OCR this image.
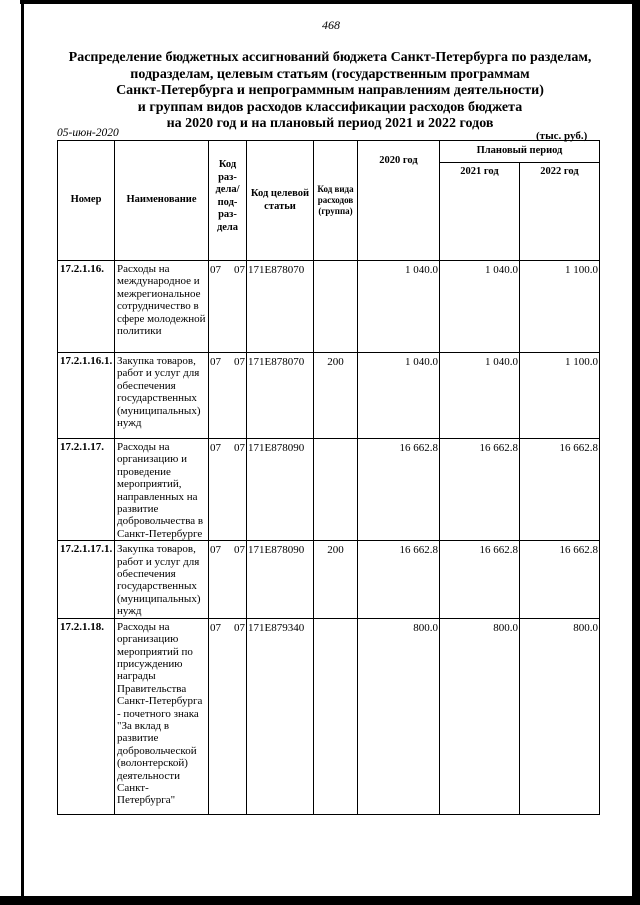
468
Распределение бюджетных ассигнований бюджета Санкт-Петербурга по разделам,
подразделам, целевым статьям (государственным программам
Санкт-Петербурга и непрограммным направлениям деятельности)
и группам видов расходов классификации расходов бюджета
на 2020 год и на плановый период 2021 и 2022 годов
05-июн-2020	(тыс. руб.)
Номер	Наименование	Код раз- дела/ под- раз- дела	Код целевой статьи	Код вида расходов (группа)	2020 год	Плановый период	
						2021 год	2022 год
17.2.1.16.	Расходы на международное и межрегиональное сотрудничество в сфере молодежной политики	07 07	171Е878070		1 040.0	1 040.0	1 100.0
17.2.1.16.1.	Закупка товаров, работ и услуг для обеспечения государственных (муниципальных) нужд	07 07	171Е878070	200	1 040.0	1 040.0	1 100.0
17.2.1.17.	Расходы на организацию и проведение мероприятий, направленных на развитие добровольчества в Санкт-Петербурге	07 07	171Е878090		16 662.8	16 662.8	16 662.8
17.2.1.17.1.	Закупка товаров, работ и услуг для обеспечения государственных (муниципальных) нужд	07 07	171Е878090	200	16 662.8	16 662.8	16 662.8
17.2.1.18.	Расходы на организацию мероприятий по присуждению награды Правительства Санкт-Петербурга - почетного знака "За вклад в развитие добровольческой (волонтерской) деятельности Санкт-Петербурга"	07 07	171Е879340		800.0	800.0	800.0
